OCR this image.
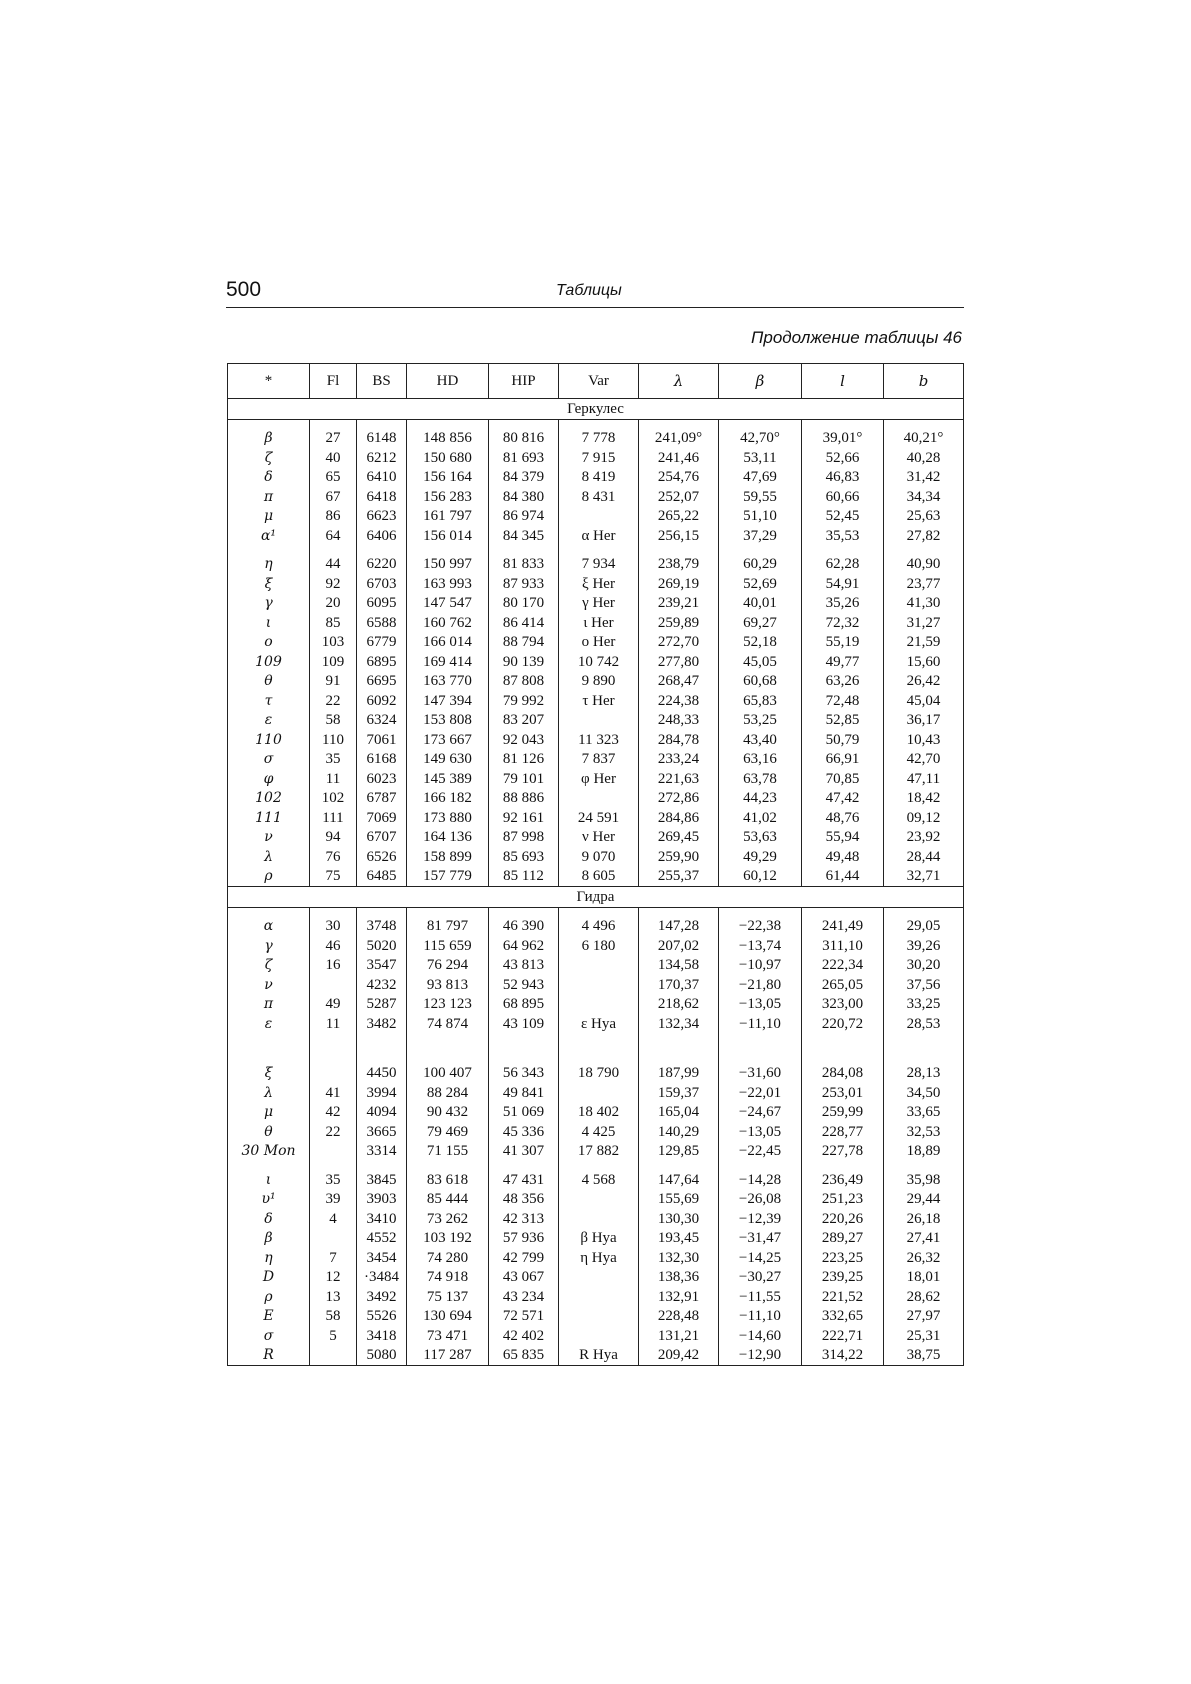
500	Таблицы
Продолжение таблицы 46
*	Fl	BS	HD	HIP	Var	λ	β	l	b
Геркулес									

β	27	6148	148 856	80 816	7 778	241,09°	42,70°	39,01°	40,21°
ζ	40	6212	150 680	81 693	7 915	241,46	53,11	52,66	40,28
δ	65	6410	156 164	84 379	8 419	254,76	47,69	46,83	31,42
π	67	6418	156 283	84 380	8 431	252,07	59,55	60,66	34,34
μ	86	6623	161 797	86 974		265,22	51,10	52,45	25,63
α¹	64	6406	156 014	84 345	α Her	256,15	37,29	35,53	27,82

η	44	6220	150 997	81 833	7 934	238,79	60,29	62,28	40,90
ξ	92	6703	163 993	87 933	ξ Her	269,19	52,69	54,91	23,77
γ	20	6095	147 547	80 170	γ Her	239,21	40,01	35,26	41,30
ι	85	6588	160 762	86 414	ι Her	259,89	69,27	72,32	31,27
ο	103	6779	166 014	88 794	ο Her	272,70	52,18	55,19	21,59
109	109	6895	169 414	90 139	10 742	277,80	45,05	49,77	15,60
θ	91	6695	163 770	87 808	9 890	268,47	60,68	63,26	26,42
τ	22	6092	147 394	79 992	τ Her	224,38	65,83	72,48	45,04
ε	58	6324	153 808	83 207		248,33	53,25	52,85	36,17
110	110	7061	173 667	92 043	11 323	284,78	43,40	50,79	10,43
σ	35	6168	149 630	81 126	7 837	233,24	63,16	66,91	42,70
φ	11	6023	145 389	79 101	φ Her	221,63	63,78	70,85	47,11
102	102	6787	166 182	88 886		272,86	44,23	47,42	18,42
111	111	7069	173 880	92 161	24 591	284,86	41,02	48,76	09,12
ν	94	6707	164 136	87 998	ν Her	269,45	53,63	55,94	23,92
λ	76	6526	158 899	85 693	9 070	259,90	49,29	49,48	28,44
ρ	75	6485	157 779	85 112	8 605	255,37	60,12	61,44	32,71
Гидра									

α	30	3748	81 797	46 390	4 496	147,28	−22,38	241,49	29,05
γ	46	5020	115 659	64 962	6 180	207,02	−13,74	311,10	39,26
ζ	16	3547	76 294	43 813		134,58	−10,97	222,34	30,20
ν		4232	93 813	52 943		170,37	−21,80	265,05	37,56
π	49	5287	123 123	68 895		218,62	−13,05	323,00	33,25
ε	11	3482	74 874	43 109	ε Hya	132,34	−11,10	220,72	28,53

ξ		4450	100 407	56 343	18 790	187,99	−31,60	284,08	28,13
λ	41	3994	88 284	49 841		159,37	−22,01	253,01	34,50
μ	42	4094	90 432	51 069	18 402	165,04	−24,67	259,99	33,65
θ	22	3665	79 469	45 336	4 425	140,29	−13,05	228,77	32,53
30 Mon		3314	71 155	41 307	17 882	129,85	−22,45	227,78	18,89

ι	35	3845	83 618	47 431	4 568	147,64	−14,28	236,49	35,98
υ¹	39	3903	85 444	48 356		155,69	−26,08	251,23	29,44
δ	4	3410	73 262	42 313		130,30	−12,39	220,26	26,18
β		4552	103 192	57 936	β Hya	193,45	−31,47	289,27	27,41
η	7	3454	74 280	42 799	η Hya	132,30	−14,25	223,25	26,32
D	12	·3484	74 918	43 067		138,36	−30,27	239,25	18,01
ρ	13	3492	75 137	43 234		132,91	−11,55	221,52	28,62
E	58	5526	130 694	72 571		228,48	−11,10	332,65	27,97
σ	5	3418	73 471	42 402		131,21	−14,60	222,71	25,31
R		5080	117 287	65 835	R Hya	209,42	−12,90	314,22	38,75
